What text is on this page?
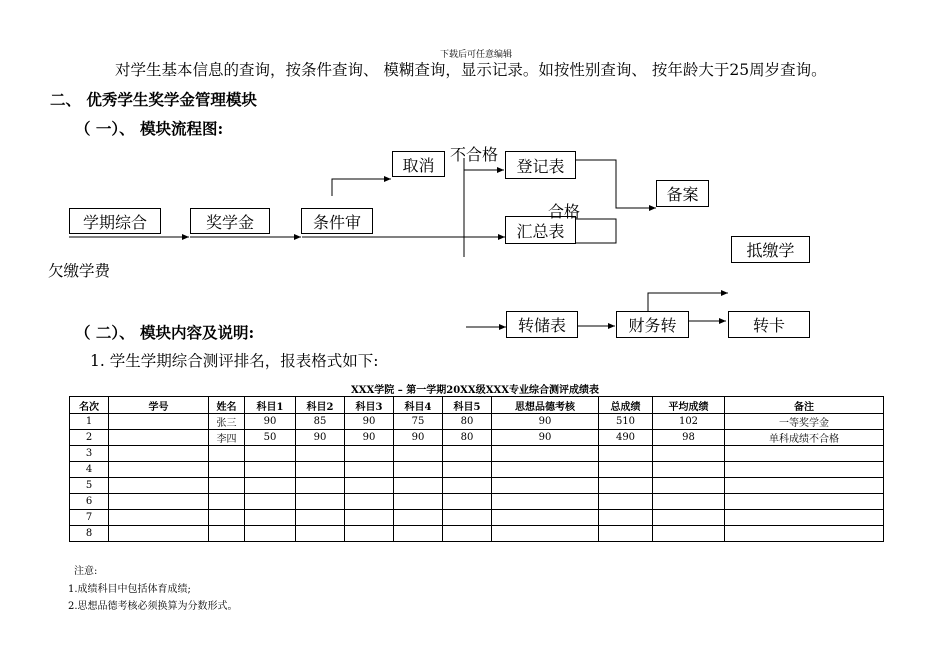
下载后可任意编辑
对学生基本信息的查询，按条件查询、 模糊查询，显示记录。如按性别查询、 按年龄大于25周岁查询。
二、 优秀学生奖学金管理模块
（ 一）、 模块流程图:
学期综合	奖学金	条件审
取消	登记表
汇总表
备案
抵缴学
转储表	财务转	转卡
不合格
合格
欠缴学费
（ 二）、 模块内容及说明:
1. 学生学期综合测评排名，报表格式如下:
XXX学院 – 第一学期20XX级XXX专业综合测评成绩表
名次	学号	姓名	科目1	科目2	科目3	科目4	科目5	思想品德考核	总成绩	平均成绩	备注
1		张三	90	85	90	75	80	90	510	102	一等奖学金
2		李四	50	90	90	90	80	90	490	98	单科成绩不合格
3											
4											
5											
6											
7											
8											
注意:
1.成绩科目中包括体育成绩;
2.思想品德考核必须换算为分数形式。
